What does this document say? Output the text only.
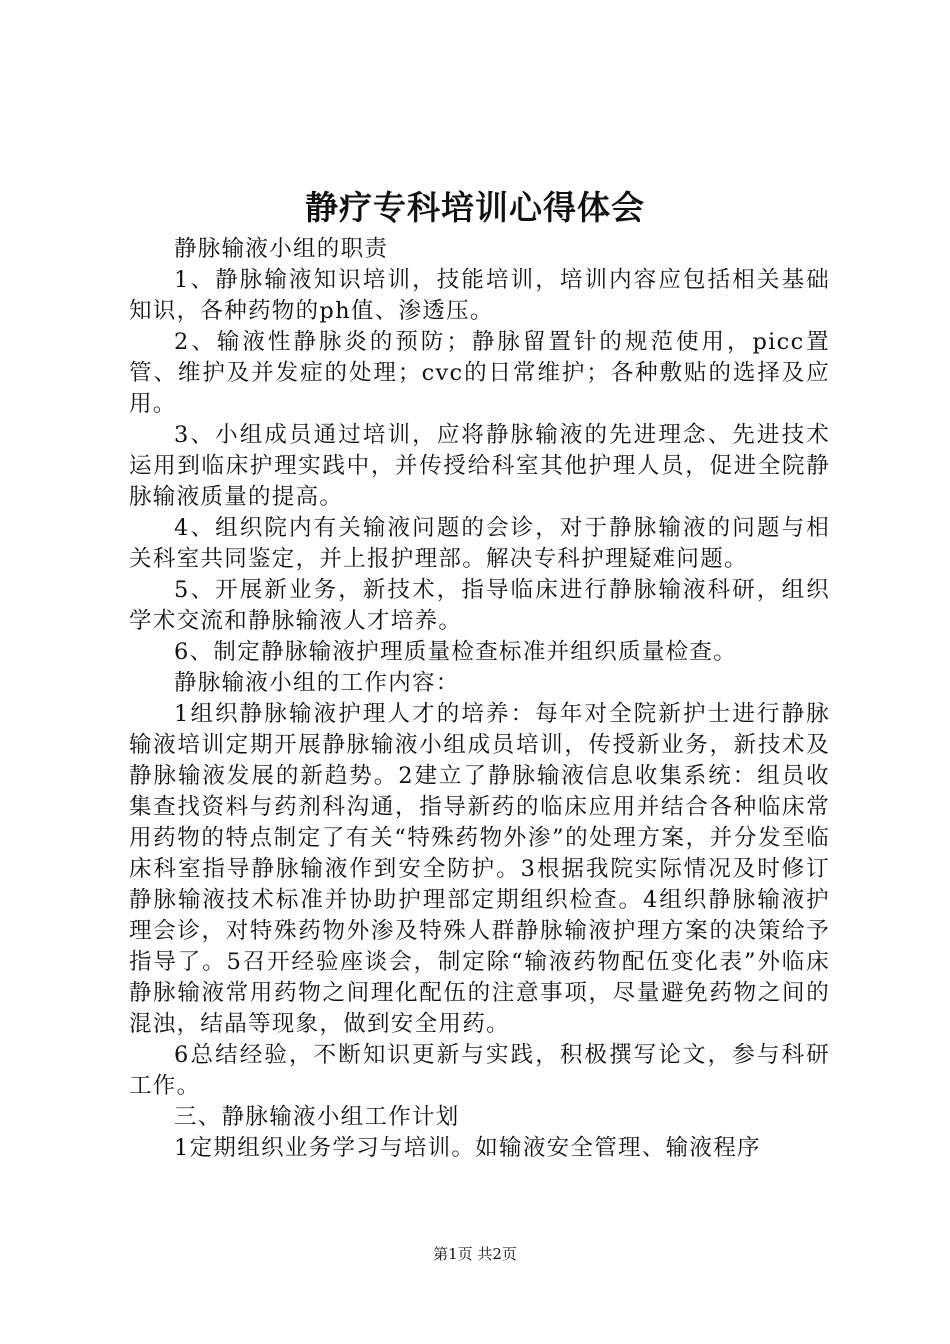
静疗专科培训心得体会

静脉输液小组的职责

1、静脉输液知识培训，技能培训，培训内容应包括相关基础知识，各种药物的ph值、渗透压。

2、输液性静脉炎的预防；静脉留置针的规范使用，picc置管、维护及并发症的处理；cvc的日常维护；各种敷贴的选择及应用。

3、小组成员通过培训，应将静脉输液的先进理念、先进技术运用到临床护理实践中，并传授给科室其他护理人员，促进全院静脉输液质量的提高。

4、组织院内有关输液问题的会诊，对于静脉输液的问题与相关科室共同鉴定，并上报护理部。解决专科护理疑难问题。

5、开展新业务，新技术，指导临床进行静脉输液科研，组织学术交流和静脉输液人才培养。

6、制定静脉输液护理质量检查标准并组织质量检查。

静脉输液小组的工作内容：

1组织静脉输液护理人才的培养：每年对全院新护士进行静脉输液培训定期开展静脉输液小组成员培训，传授新业务，新技术及静脉输液发展的新趋势。2建立了静脉输液信息收集系统：组员收集查找资料与药剂科沟通，指导新药的临床应用并结合各种临床常用药物的特点制定了有关“特殊药物外渗”的处理方案，并分发至临床科室指导静脉输液作到安全防护。3根据我院实际情况及时修订静脉输液技术标准并协助护理部定期组织检查。4组织静脉输液护理会诊，对特殊药物外渗及特殊人群静脉输液护理方案的决策给予指导了。5召开经验座谈会，制定除“输液药物配伍变化表”外临床静脉输液常用药物之间理化配伍的注意事项，尽量避免药物之间的混浊，结晶等现象，做到安全用药。

6总结经验，不断知识更新与实践，积极撰写论文，参与科研工作。

三、静脉输液小组工作计划

1定期组织业务学习与培训。如输液安全管理、输液程序

第1页 共2页
